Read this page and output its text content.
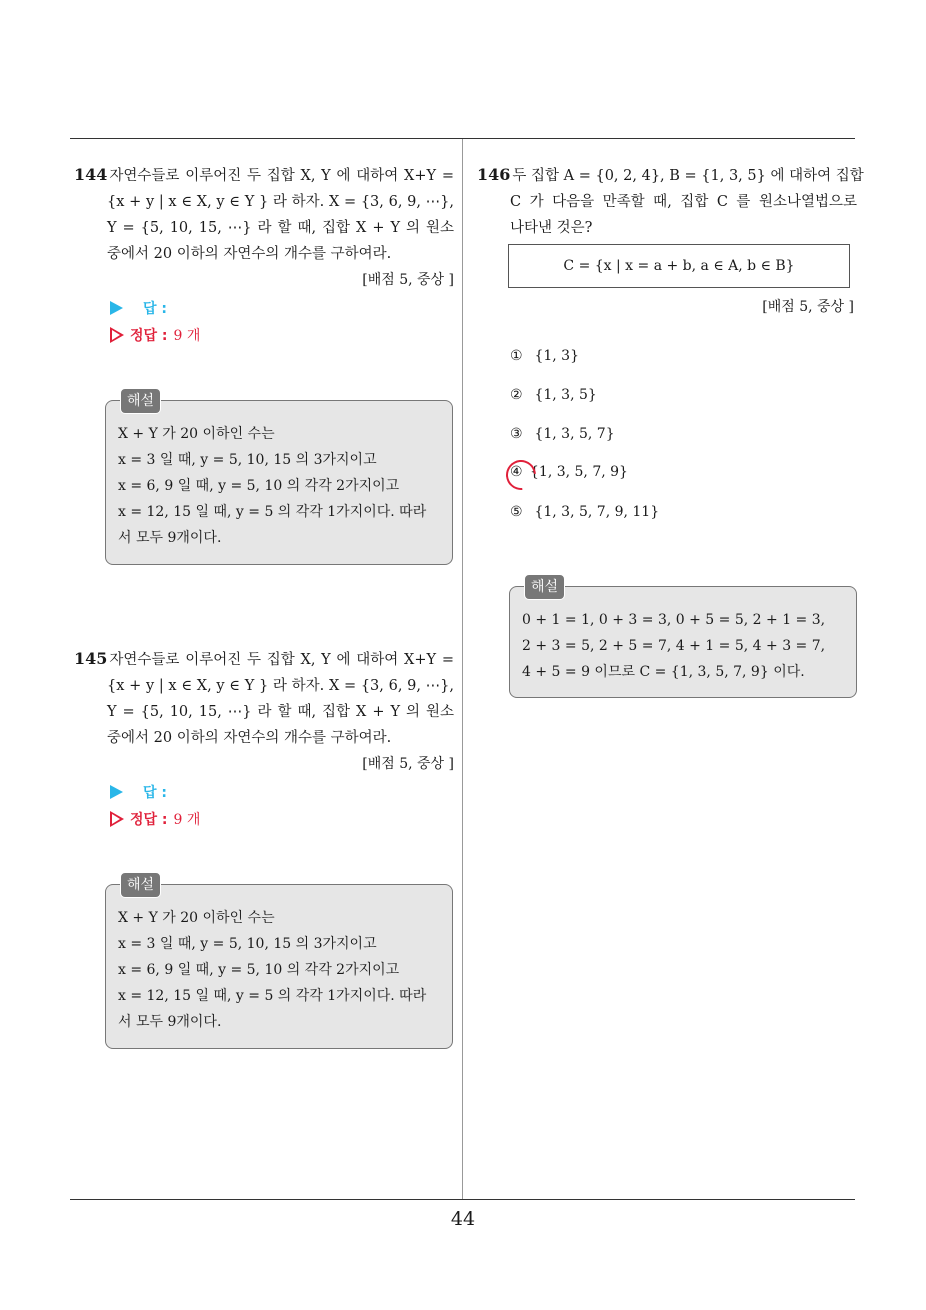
144 자연수들로 이루어진 두 집합 X, Y 에 대하여 X+Y =
{x + y | x ∈ X, y ∈ Y } 라 하자. X = {3, 6, 9, ⋯},
Y = {5, 10, 15, ⋯} 라 할 때, 집합 X + Y 의 원소
중에서 20 이하의 자연수의 개수를 구하여라.
[배점 5, 중상 ]
답 :
정답 : 9 개
해설
X + Y 가 20 이하인 수는
x = 3 일 때, y = 5, 10, 15 의 3가지이고
x = 6, 9 일 때, y = 5, 10 의 각각 2가지이고
x = 12, 15 일 때, y = 5 의 각각 1가지이다. 따라
서 모두 9개이다.
145 자연수들로 이루어진 두 집합 X, Y 에 대하여 X+Y =
{x + y | x ∈ X, y ∈ Y } 라 하자. X = {3, 6, 9, ⋯},
Y = {5, 10, 15, ⋯} 라 할 때, 집합 X + Y 의 원소
중에서 20 이하의 자연수의 개수를 구하여라.
[배점 5, 중상 ]
답 :
정답 : 9 개
해설
X + Y 가 20 이하인 수는
x = 3 일 때, y = 5, 10, 15 의 3가지이고
x = 6, 9 일 때, y = 5, 10 의 각각 2가지이고
x = 12, 15 일 때, y = 5 의 각각 1가지이다. 따라
서 모두 9개이다.
146 두 집합 A = {0, 2, 4}, B = {1, 3, 5} 에 대하여 집합
C 가 다음을 만족할 때, 집합 C 를 원소나열법으로
나타낸 것은?
C = {x | x = a + b, a ∈ A, b ∈ B}
[배점 5, 중상 ]
① {1, 3}
② {1, 3, 5}
③ {1, 3, 5, 7}
④ {1, 3, 5, 7, 9}
⑤ {1, 3, 5, 7, 9, 11}
해설
0 + 1 = 1, 0 + 3 = 3, 0 + 5 = 5, 2 + 1 = 3,
2 + 3 = 5, 2 + 5 = 7, 4 + 1 = 5, 4 + 3 = 7,
4 + 5 = 9 이므로 C = {1, 3, 5, 7, 9} 이다.
44
